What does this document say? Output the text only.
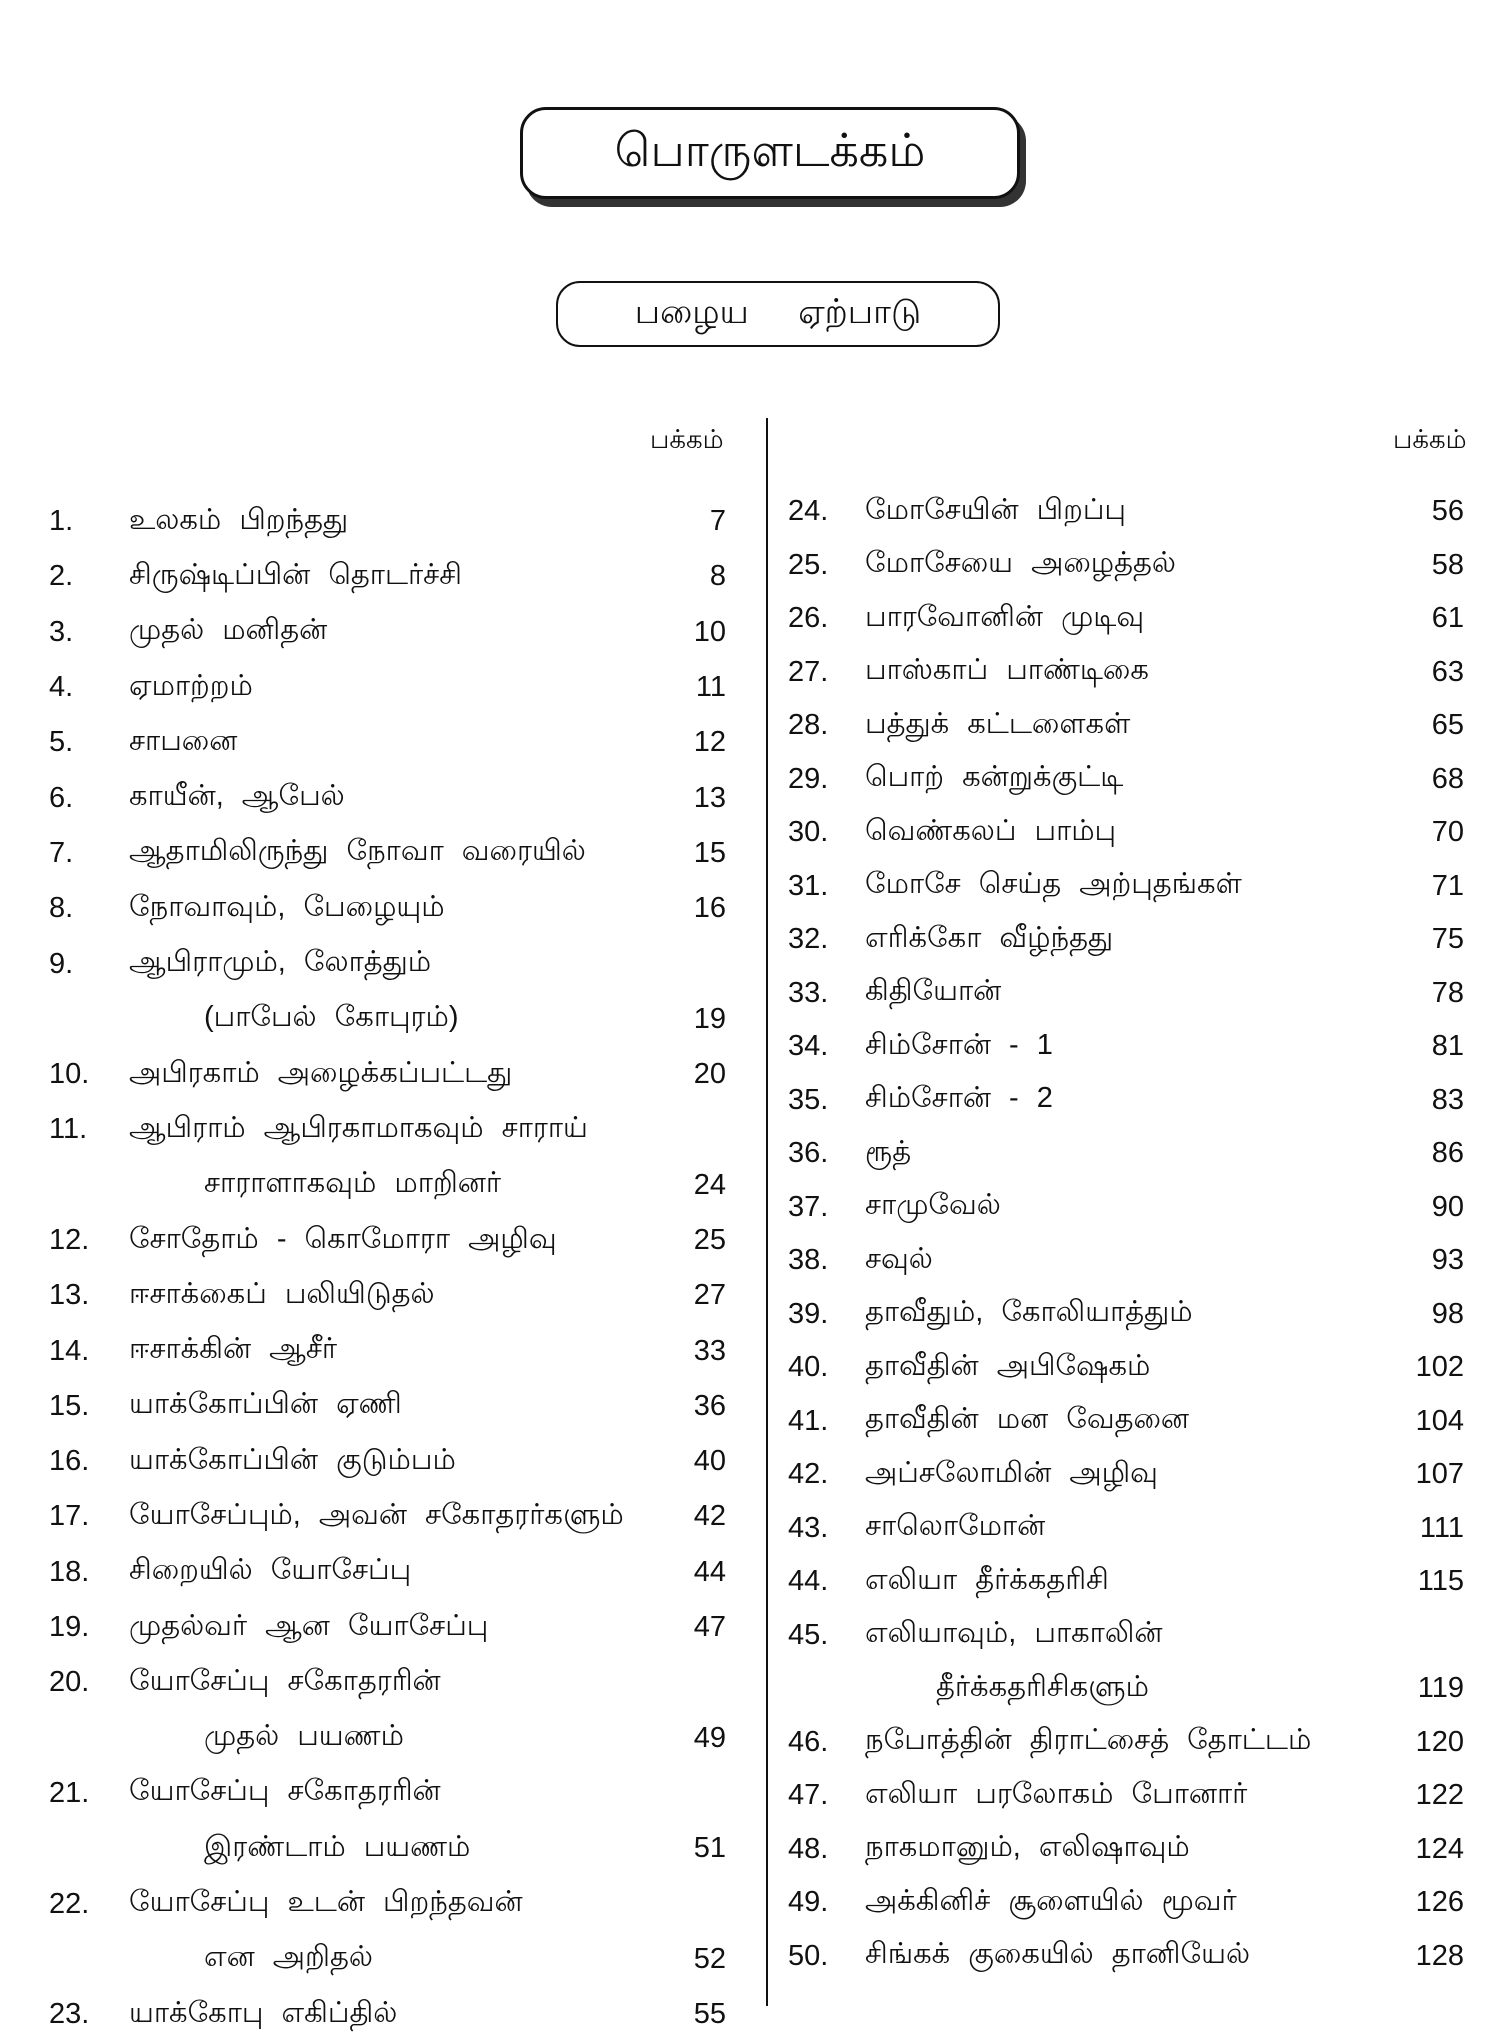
பொருளடக்கம்
பழைய ஏற்பாடு
பக்கம்	பக்கம்
1. உலகம் பிறந்தது	7
2. சிருஷ்டிப்பின் தொடர்ச்சி	8
3. முதல் மனிதன்	10
4. ஏமாற்றம்	11
5. சாபனை	12
6. காயீன், ஆபேல்	13
7. ஆதாமிலிருந்து நோவா வரையில்	15
8. நோவாவும், பேழையும்	16
9. ஆபிராமும், லோத்தும்
(பாபேல் கோபுரம்)	19
10. அபிரகாம் அழைக்கப்பட்டது	20
11. ஆபிராம் ஆபிரகாமாகவும் சாராய்
சாராளாகவும் மாறினர்	24
12. சோதோம் - கொமோரா அழிவு	25
13. ஈசாக்கைப் பலியிடுதல்	27
14. ஈசாக்கின் ஆசீர்	33
15. யாக்கோப்பின் ஏணி	36
16. யாக்கோப்பின் குடும்பம்	40
17. யோசேப்பும், அவன் சகோதரர்களும் 42
18. சிறையில் யோசேப்பு	44
19. முதல்வர் ஆன யோசேப்பு	47
20. யோசேப்பு சகோதரரின்
முதல் பயணம்	49
21. யோசேப்பு சகோதரரின்
இரண்டாம் பயணம்	51
22. யோசேப்பு உடன் பிறந்தவன்
என அறிதல்	52
23. யாக்கோபு எகிப்தில்	55
24. மோசேயின் பிறப்பு	56
25. மோசேயை அழைத்தல்	58
26. பாரவோனின் முடிவு	61
27. பாஸ்காப் பாண்டிகை	63
28. பத்துக் கட்டளைகள்	65
29. பொற் கன்றுக்குட்டி	68
30. வெண்கலப் பாம்பு	70
31. மோசே செய்த அற்புதங்கள்	71
32. எரிக்கோ வீழ்ந்தது	75
33. கிதியோன்	78
34. சிம்சோன் - 1	81
35. சிம்சோன் - 2	83
36. ரூத்	86
37. சாமுவேல்	90
38. சவுல்	93
39. தாவீதும், கோலியாத்தும்	98
40. தாவீதின் அபிஷேகம்	102
41. தாவீதின் மன வேதனை	104
42. அப்சலோமின் அழிவு	107
43. சாலொமோன்	111
44. எலியா தீர்க்கதரிசி	115
45. எலியாவும், பாகாலின்
தீர்க்கதரிசிகளும்	119
46. நபோத்தின் திராட்சைத் தோட்டம்	120
47. எலியா பரலோகம் போனார்	122
48. நாகமானும், எலிஷாவும்	124
49. அக்கினிச் சூளையில் மூவர்	126
50. சிங்கக் குகையில் தானியேல்	128
